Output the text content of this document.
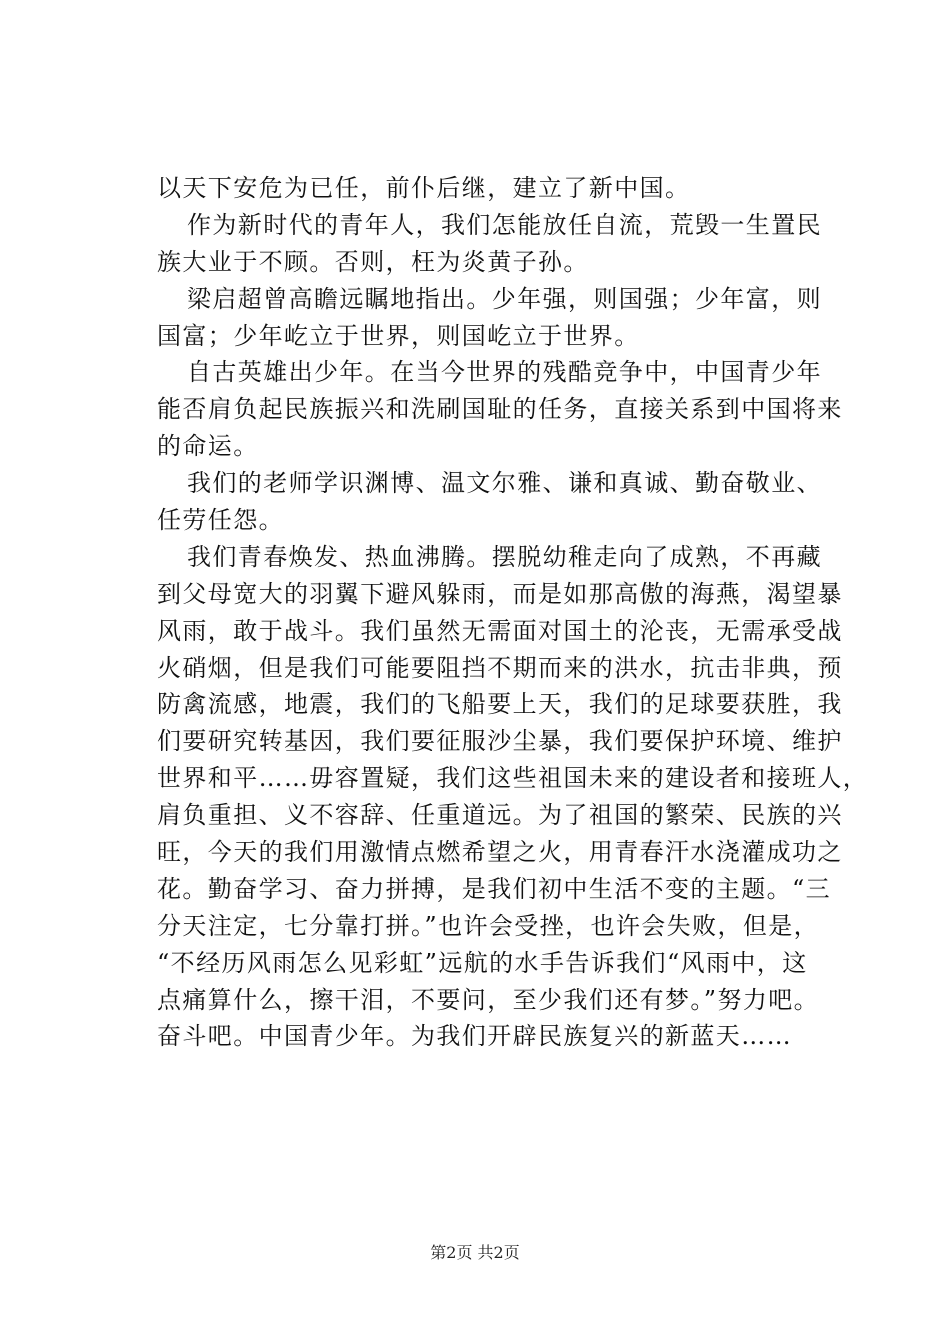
以天下安危为已任，前仆后继，建立了新中国。
作为新时代的青年人，我们怎能放任自流，荒毁一生置民
族大业于不顾。否则，枉为炎黄子孙。
梁启超曾高瞻远瞩地指出。少年强，则国强；少年富，则
国富；少年屹立于世界，则国屹立于世界。
自古英雄出少年。在当今世界的残酷竞争中，中国青少年
能否肩负起民族振兴和洗刷国耻的任务，直接关系到中国将来
的命运。
我们的老师学识渊博、温文尔雅、谦和真诚、勤奋敬业、
任劳任怨。
我们青春焕发、热血沸腾。摆脱幼稚走向了成熟，不再藏
到父母宽大的羽翼下避风躲雨，而是如那高傲的海燕，渴望暴
风雨，敢于战斗。我们虽然无需面对国土的沦丧，无需承受战
火硝烟，但是我们可能要阻挡不期而来的洪水，抗击非典，预
防禽流感，地震，我们的飞船要上天，我们的足球要获胜，我
们要研究转基因，我们要征服沙尘暴，我们要保护环境、维护
世界和平……毋容置疑，我们这些祖国未来的建设者和接班人，
肩负重担、义不容辞、任重道远。为了祖国的繁荣、民族的兴
旺，今天的我们用激情点燃希望之火，用青春汗水浇灌成功之
花。勤奋学习、奋力拼搏，是我们初中生活不变的主题。“三
分天注定，七分靠打拼。”也许会受挫，也许会失败，但是，
“不经历风雨怎么见彩虹”远航的水手告诉我们“风雨中，这
点痛算什么，擦干泪，不要问，至少我们还有梦。”努力吧。
奋斗吧。中国青少年。为我们开辟民族复兴的新蓝天……
第2页 共2页
